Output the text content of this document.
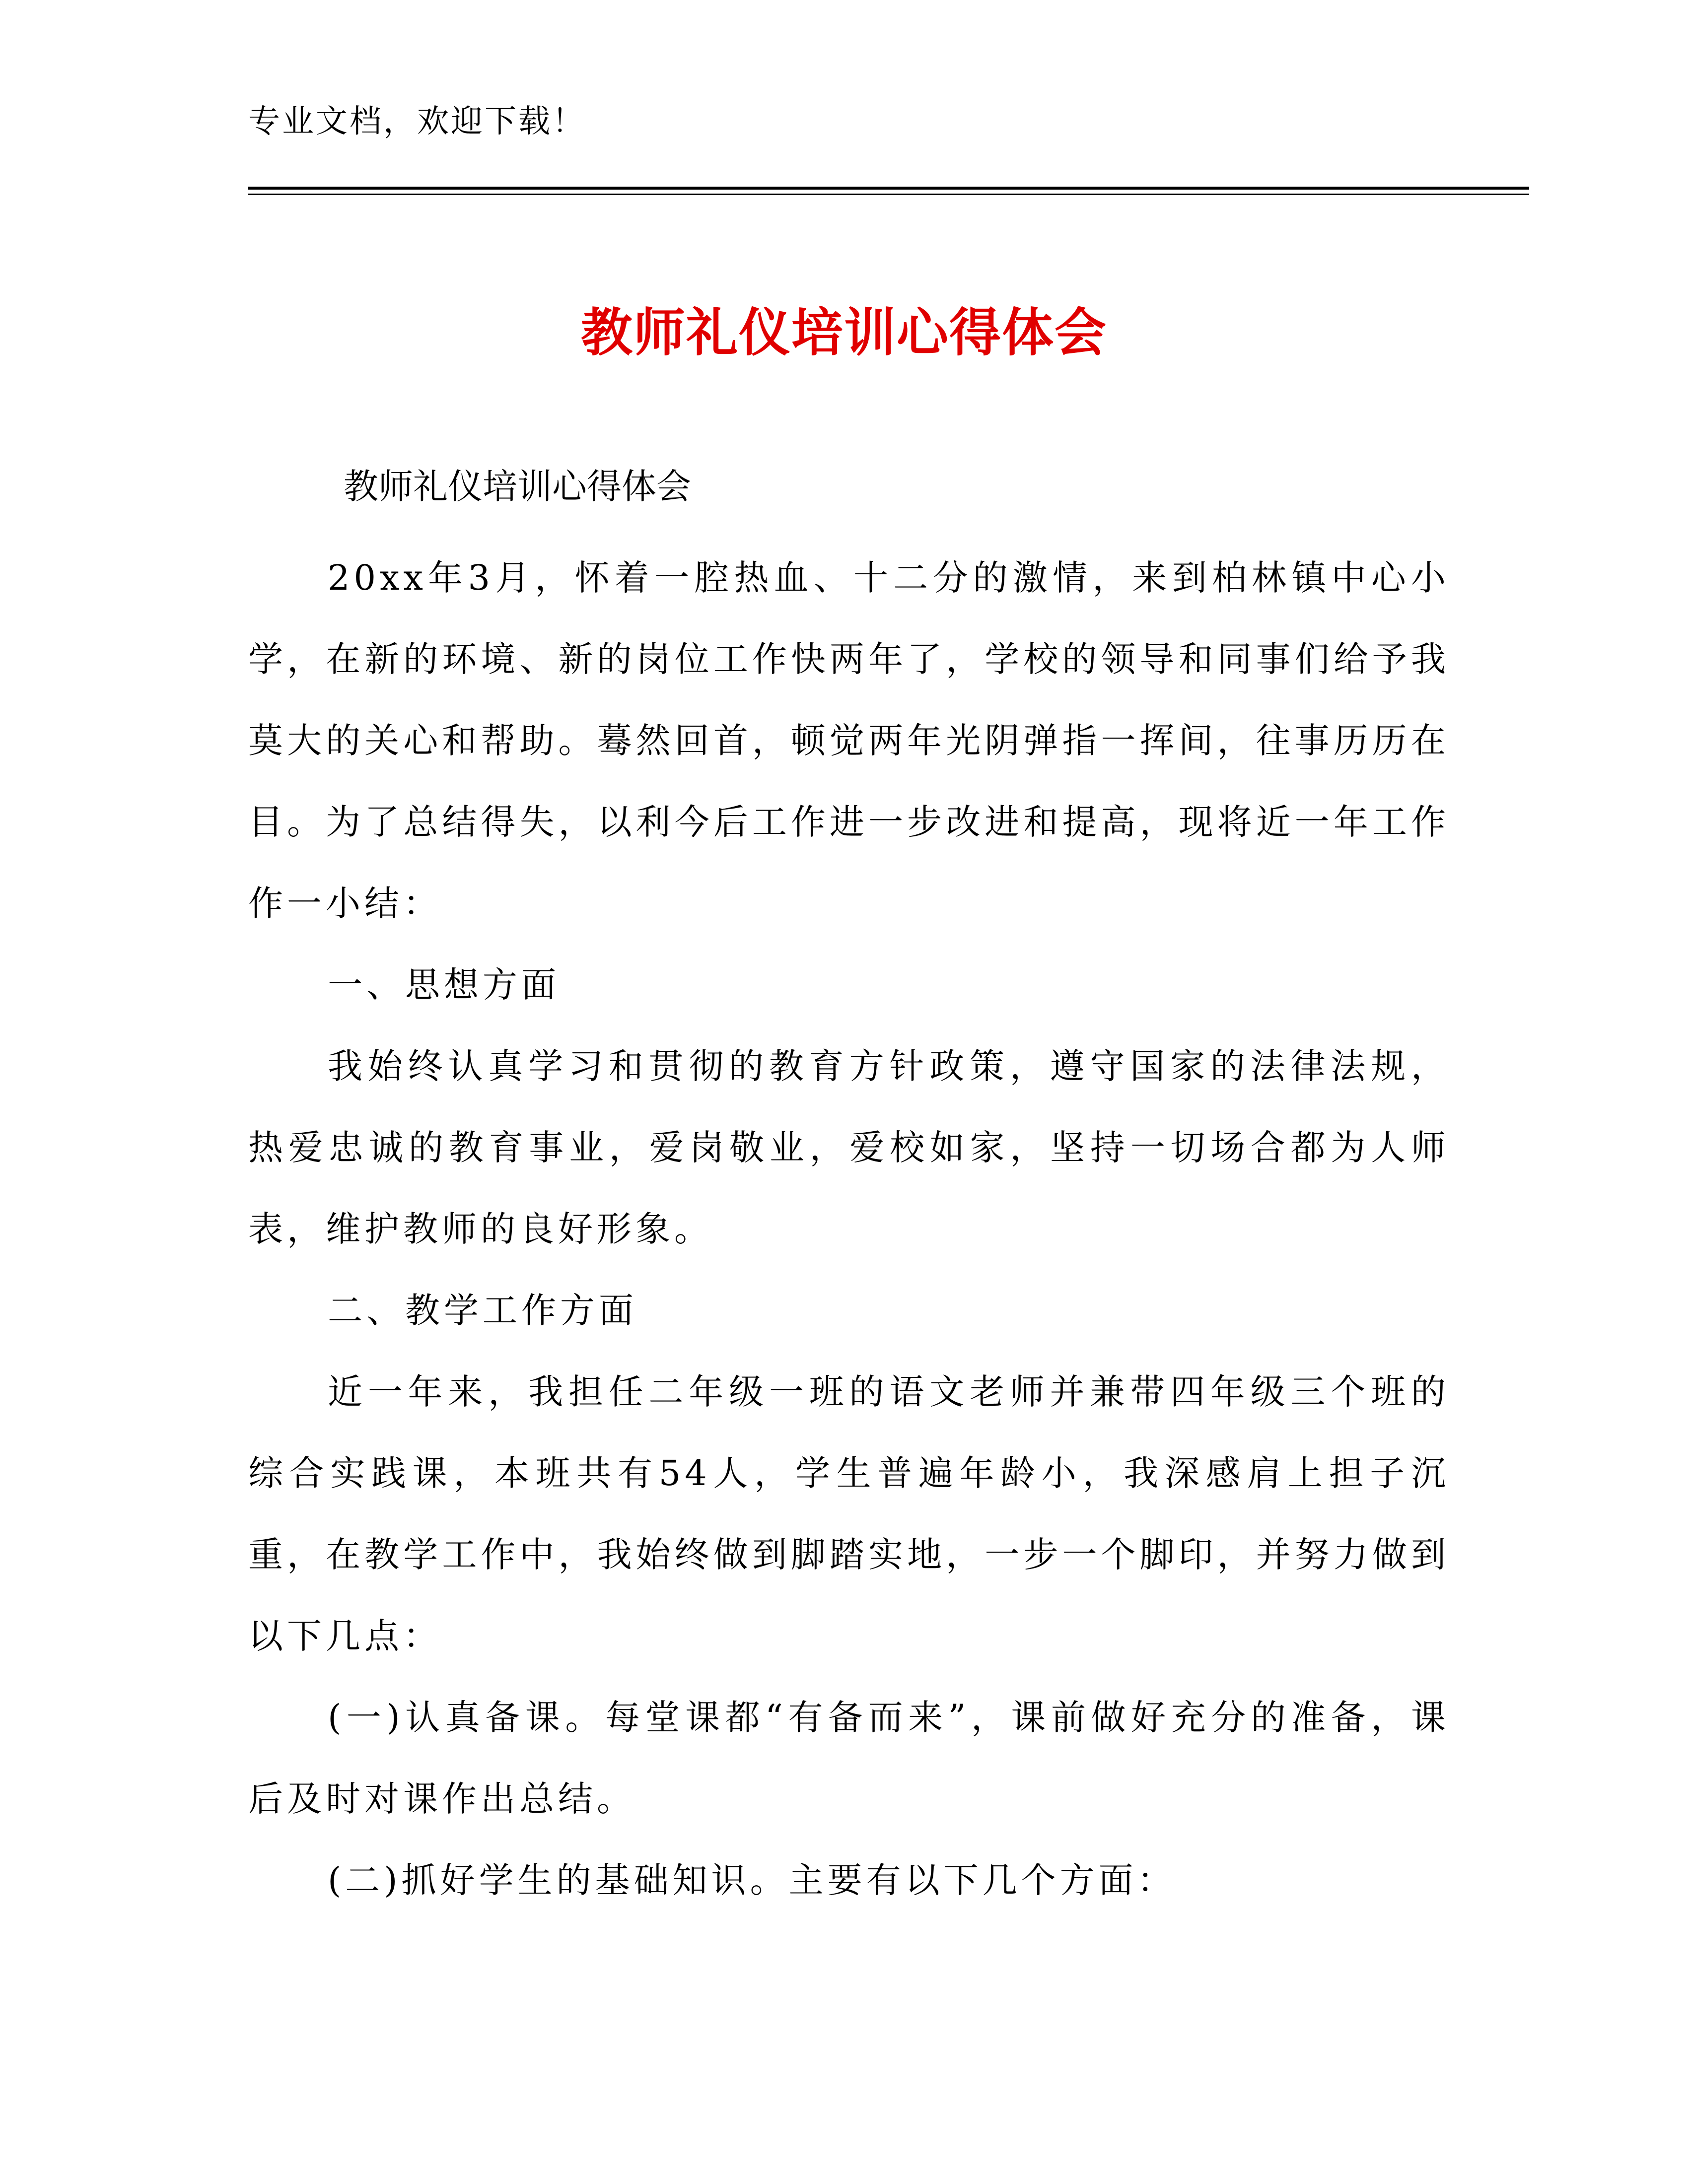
专业文档，欢迎下载！
教师礼仪培训心得体会
教师礼仪培训心得体会

20xx年3月，怀着一腔热血、十二分的激情，来到柏林镇中心小学，在新的环境、新的岗位工作快两年了，学校的领导和同事们给予我莫大的关心和帮助。蓦然回首，顿觉两年光阴弹指一挥间，往事历历在目。为了总结得失，以利今后工作进一步改进和提高，现将近一年工作作一小结：

一、思想方面

我始终认真学习和贯彻的教育方针政策，遵守国家的法律法规，热爱忠诚的教育事业，爱岗敬业，爱校如家，坚持一切场合都为人师表，维护教师的良好形象。

二、教学工作方面

近一年来，我担任二年级一班的语文老师并兼带四年级三个班的综合实践课，本班共有54人，学生普遍年龄小，我深感肩上担子沉重，在教学工作中，我始终做到脚踏实地，一步一个脚印，并努力做到以下几点：

(一)认真备课。每堂课都“有备而来”，课前做好充分的准备，课后及时对课作出总结。

(二)抓好学生的基础知识。主要有以下几个方面：
